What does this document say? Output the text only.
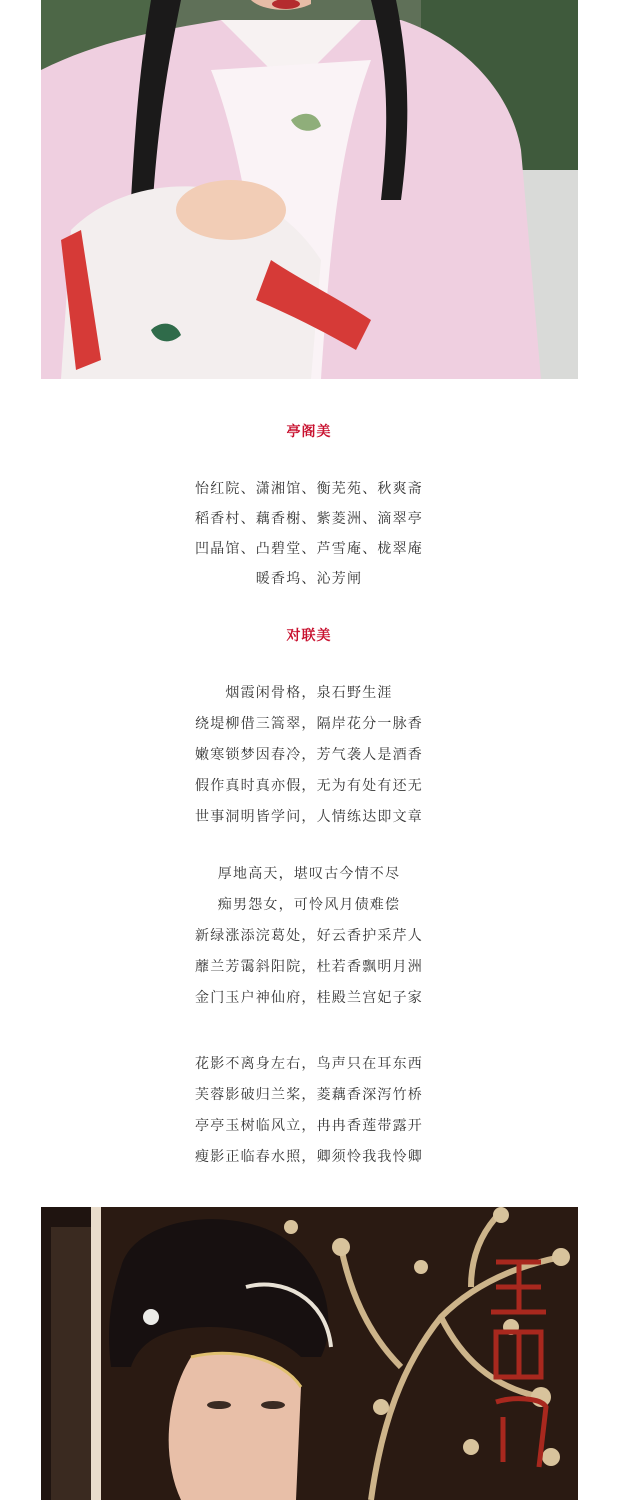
亭阁美
怡红院、潇湘馆、衡芜苑、秋爽斋
稻香村、藕香榭、紫菱洲、滴翠亭
凹晶馆、凸碧堂、芦雪庵、栊翠庵
暖香坞、沁芳闸
对联美
烟霞闲骨格，泉石野生涯
绕堤柳借三篙翠，隔岸花分一脉香
嫩寒锁梦因春冷，芳气袭人是酒香
假作真时真亦假，无为有处有还无
世事洞明皆学问，人情练达即文章
厚地高天，堪叹古今情不尽
痴男怨女，可怜风月债难偿
新绿涨添浣葛处，好云香护采芹人
蘼兰芳霭斜阳院，杜若香飘明月洲
金门玉户神仙府，桂殿兰宫妃子家
花影不离身左右，鸟声只在耳东西
芙蓉影破归兰桨，菱藕香深泻竹桥
亭亭玉树临风立，冉冉香莲带露开
瘦影正临春水照，卿须怜我我怜卿
